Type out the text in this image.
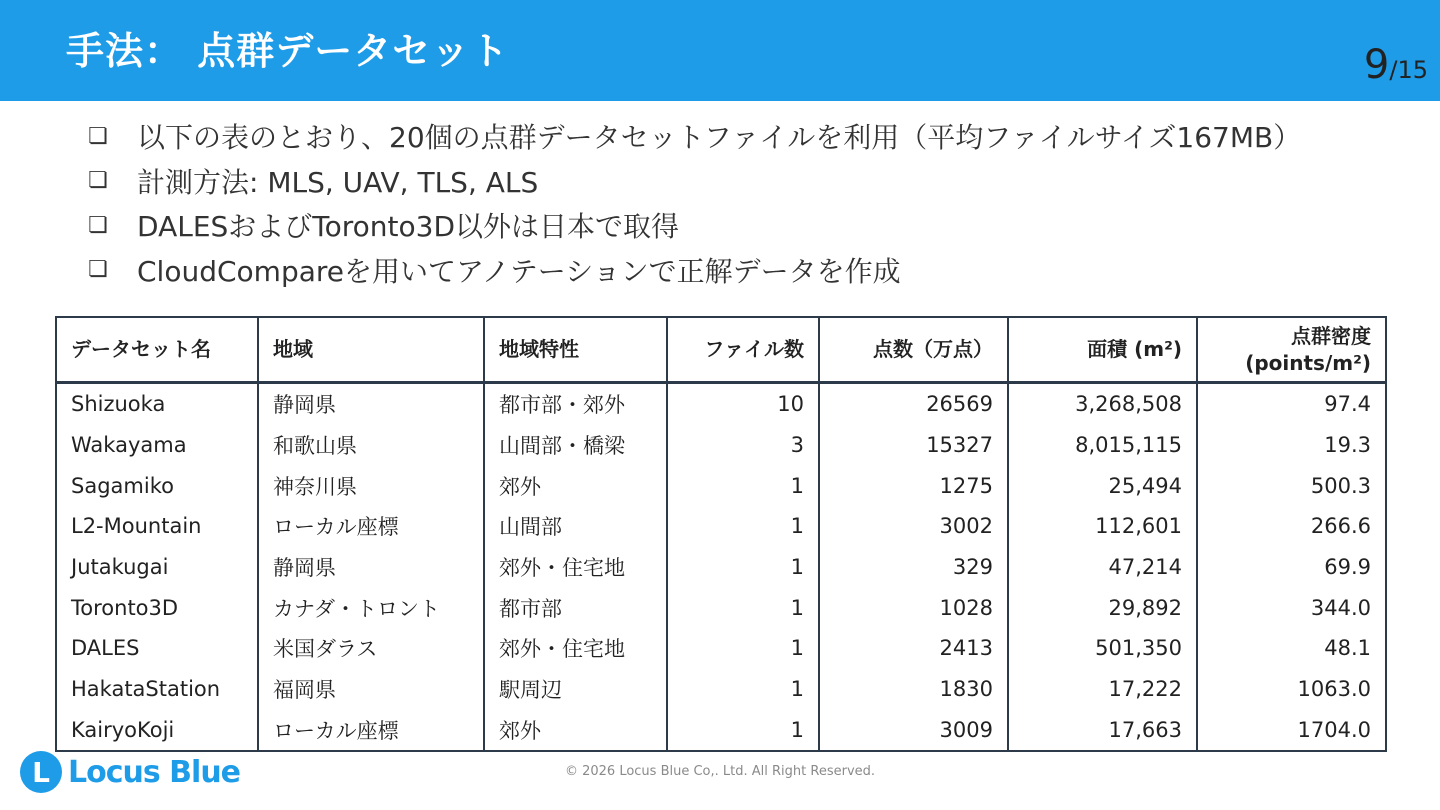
手法： 点群データセット	9/15
❏	以下の表のとおり、20個の点群データセットファイルを利用（平均ファイルサイズ167MB）
❏	計測方法: MLS, UAV, TLS, ALS
❏	DALESおよびToronto3D以外は日本で取得
❏	CloudCompareを用いてアノテーションで正解データを作成
データセット名	地域	地域特性	ファイル数	点数（万点）	面積 (m²)	点群密度
(points/m²)
Shizuoka	静岡県	都市部・郊外	10	26569	3,268,508	97.4
Wakayama	和歌山県	山間部・橋梁	3	15327	8,015,115	19.3
Sagamiko	神奈川県	郊外	1	1275	25,494	500.3
L2-Mountain	ローカル座標	山間部	1	3002	112,601	266.6
Jutakugai	静岡県	郊外・住宅地	1	329	47,214	69.9
Toronto3D	カナダ・トロント	都市部	1	1028	29,892	344.0
DALES	米国ダラス	郊外・住宅地	1	2413	501,350	48.1
HakataStation	福岡県	駅周辺	1	1830	17,222	1063.0
KairyoKoji	ローカル座標	郊外	1	3009	17,663	1704.0
L Locus Blue	© 2026 Locus Blue Co,. Ltd. All Right Reserved.
